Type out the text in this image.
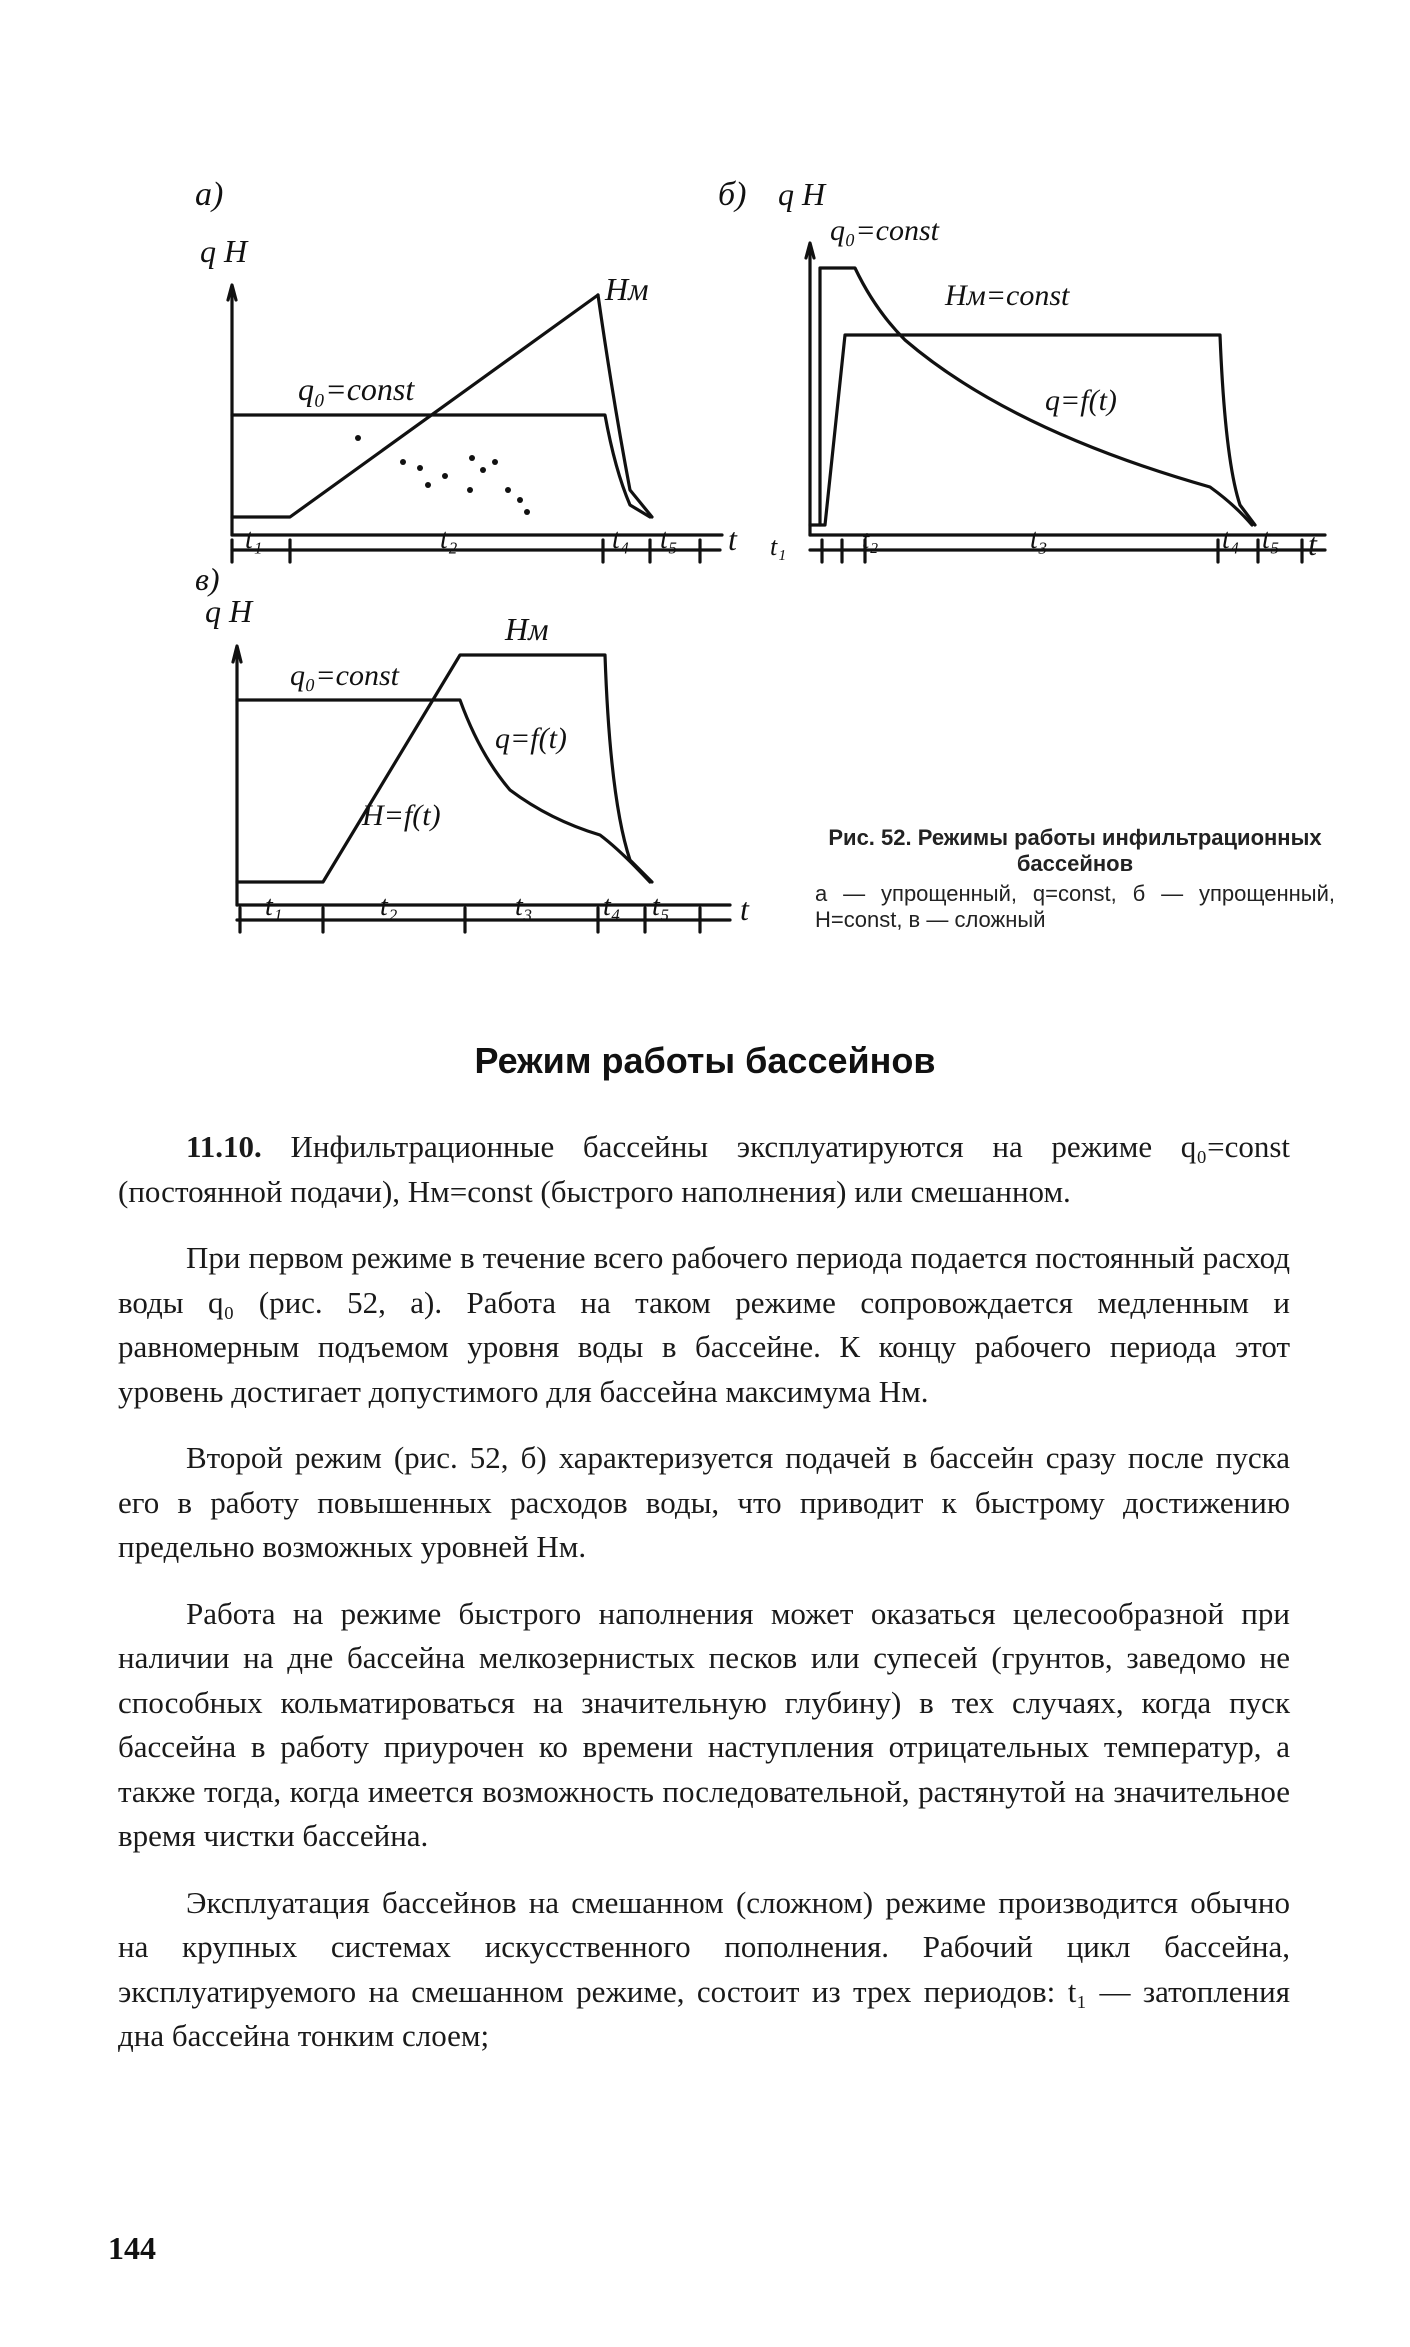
а)
q H
t
Hм
q₀=const
t₁	t₂	t₄ t₅
б) q H
t
q₀=const
Hм=const
q=f(t)
t₁	t₂	t₃	t₄ t₅
в)
q H
t
q₀=const
Hм
q=f(t)
H=f(t)
t₁	t₂	t₃	t₄ t₅

Рис. 52. Режимы работы инфильтрационных бассейнов

а — упрощенный, q=const, б — упрощенный, H=const, в — сложный

Режим работы бассейнов

11.10. Инфильтрационные бассейны эксплуатируются на режиме q₀=const (постоянной подачи), Hм=const (быстрого наполнения) или смешанном.

При первом режиме в течение всего рабочего периода подается постоянный расход воды q₀ (рис. 52, а). Работа на таком режиме сопровождается медленным и равномерным подъемом уровня воды в бассейне. К концу рабочего периода этот уровень достигает допустимого для бассейна максимума Hм.

Второй режим (рис. 52, б) характеризуется подачей в бассейн сразу после пуска его в работу повышенных расходов воды, что приводит к быстрому достижению предельно возможных уровней Hм.

Работа на режиме быстрого наполнения может оказаться целесообразной при наличии на дне бассейна мелкозернистых песков или супесей (грунтов, заведомо не способных кольматироваться на значительную глубину) в тех случаях, когда пуск бассейна в работу приурочен ко времени наступления отрицательных температур, а также тогда, когда имеется возможность последовательной, растянутой на значительное время чистки бассейна.

Эксплуатация бассейнов на смешанном (сложном) режиме производится обычно на крупных системах искусственного пополнения. Рабочий цикл бассейна, эксплуатируемого на смешанном режиме, состоит из трех периодов: t₁ — затопления дна бассейна тонким слоем;

144
